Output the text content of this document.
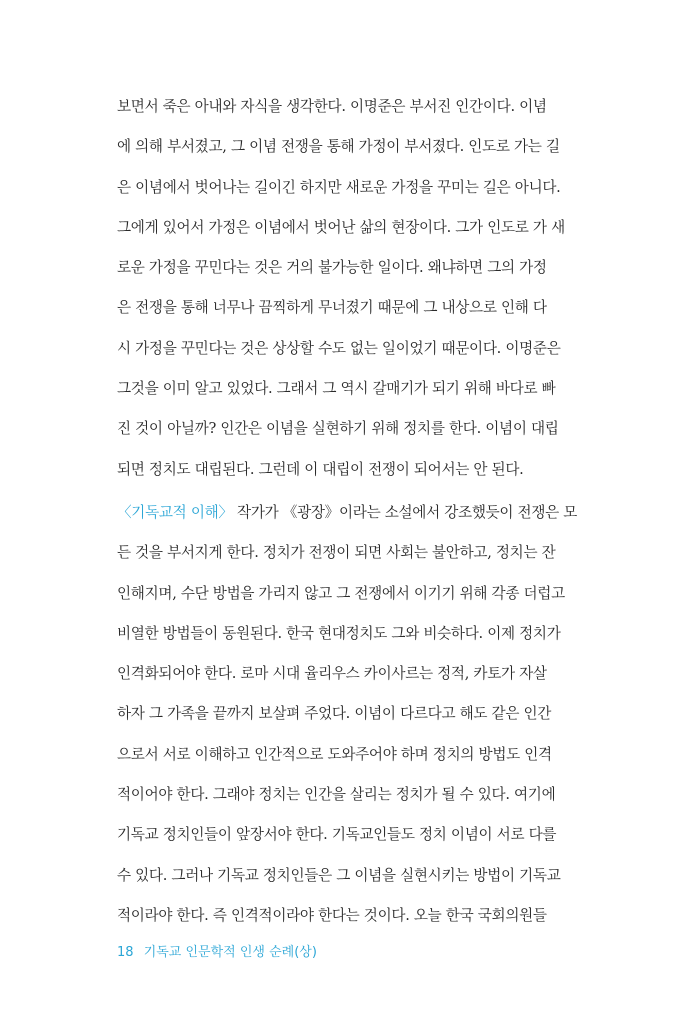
보면서 죽은 아내와 자식을 생각한다. 이명준은 부서진 인간이다. 이념
에 의해 부서졌고, 그 이념 전쟁을 통해 가정이 부서졌다. 인도로 가는 길
은 이념에서 벗어나는 길이긴 하지만 새로운 가정을 꾸미는 길은 아니다.
그에게 있어서 가정은 이념에서 벗어난 삶의 현장이다. 그가 인도로 가 새
로운 가정을 꾸민다는 것은 거의 불가능한 일이다. 왜냐하면 그의 가정
은 전쟁을 통해 너무나 끔찍하게 무너졌기 때문에 그 내상으로 인해 다
시 가정을 꾸민다는 것은 상상할 수도 없는 일이었기 때문이다. 이명준은
그것을 이미 알고 있었다. 그래서 그 역시 갈매기가 되기 위해 바다로 빠
진 것이 아닐까? 인간은 이념을 실현하기 위해 정치를 한다. 이념이 대립
되면 정치도 대립된다. 그런데 이 대립이 전쟁이 되어서는 안 된다.
〈기독교적 이해〉 작가가 《광장》이라는 소설에서 강조했듯이 전쟁은 모
든 것을 부서지게 한다. 정치가 전쟁이 되면 사회는 불안하고, 정치는 잔
인해지며, 수단 방법을 가리지 않고 그 전쟁에서 이기기 위해 각종 더럽고
비열한 방법들이 동원된다. 한국 현대정치도 그와 비슷하다. 이제 정치가
인격화되어야 한다. 로마 시대 율리우스 카이사르는 정적, 카토가 자살
하자 그 가족을 끝까지 보살펴 주었다. 이념이 다르다고 해도 같은 인간
으로서 서로 이해하고 인간적으로 도와주어야 하며 정치의 방법도 인격
적이어야 한다. 그래야 정치는 인간을 살리는 정치가 될 수 있다. 여기에
기독교 정치인들이 앞장서야 한다. 기독교인들도 정치 이념이 서로 다를
수 있다. 그러나 기독교 정치인들은 그 이념을 실현시키는 방법이 기독교
적이라야 한다. 즉 인격적이라야 한다는 것이다. 오늘 한국 국회의원들
18 기독교 인문학적 인생 순례(상)
